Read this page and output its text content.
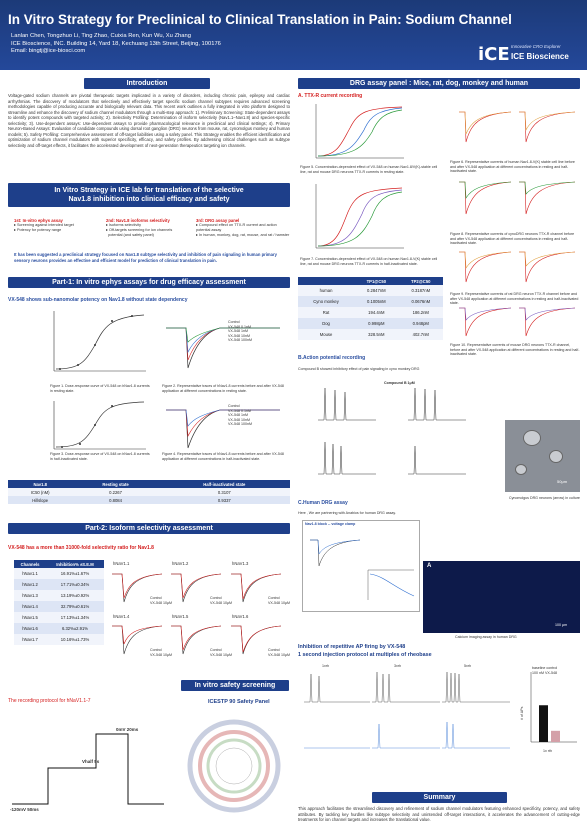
In Vitro Strategy for Preclinical to Clinical Translation in Pain: Sodium Channel
Lanlan Chen, Tongzhuo Li, Ting Zhao, Cuixia Ren, Kun Wu, Xu Zhang
ICE Bioscience, INC. Building 14, Yard 18, Kechuang 13th Street, Beijing, 100176
Email: bingtj@ice-biosci.com	iCE Innovative CRO Explorer
ICE Bioscience
Introduction
Voltage-gated sodium channels are pivotal therapeutic targets implicated in a variety of disorders, including chronic pain, epilepsy and cardiac arrhythmias. The discovery of modulators that selectively and effectively target specific sodium channel subtypes requires advanced screening methodologies capable of producing accurate and biologically relevant data. This recent work outlines a fully integrated in vitro platform designed to streamline and enhance the discovery of sodium channel modulators through a multi-step approach: 1). Preliminary Screening: State-dependent assays to identify potent compounds with targeted activity; 2). Selectivity Profiling: Determination of isoform selectivity (Nav1.1–Nav1.8) and species-specific selectivity; 3). Use-dependent assays: Use-dependent assays to provide pharmacological relevance in preclinical and clinical settings; 4). Primary Neuron-Based Assays: Evaluation of candidate compounds using dorsal root ganglion (DRG) neurons from mouse, rat, cynomolgus monkey and human models; 5). Safety Profiling: Comprehensive assessment of off-target liabilities using a safety panel. This Strategy enables the efficient identification and optimization of sodium channel modulators with superior specificity, efficacy, and safety profiles. By addressing critical challenges such as subtype selectivity and off-target effects, it facilitates the accelerated development of next-generation therapeutics targeting ion channels.
In Vitro Strategy in ICE lab for translation of the selective
Nav1.8 inhibition into clinical efficacy and safety
1st: In-vitro ephys assay
▸ Screening against intended target
▸ Potency for potency range
2nd: Nav1.8 isoforms selectivity
▸ Isoforms selectivity
▸ Off-targets screening for ion channels
potential (and safety panel)
3rd: DRG assay panel
▸ Compound effect on TTX-R current and action potential assay
▸ In human, monkey, dog, rat, mouse, and rat / hamster
It has been suggested a preclinical strategy focused on Nav1.8 subtype selectivity and inhibition of pain signaling in human primary sensory neurons provides an effective and efficient model for prediction of clinical translation in pain.
Part-1: In vitro ephys assays for drug efficacy assessment
VX-548 shows sub-nanomolar potency on Nav1.8 without state dependency
Figure 1. Dose-response curve of VX-548 on hNav1.8 currents in resting state.
Control
VX-548 0.1nM
VX-548 1nM
VX-548 10nM
VX-548 100nM
Figure 2. Representative traces of hNav1.8 currents before and after VX-548 application at different concentrations in resting state.
Figure 3. Dose-response curve of VX-548 on hNav1.8 currents in half-inactivated state.
Control
VX-548 0.1nM
VX-548 1nM
VX-548 10nM
VX-548 100nM
Figure 4. Representative traces of hNav1.8 currents before and after VX-548 application at different concentrations in half-inactivated state.
Nav1.8	Resting state	Half-inactivated state
IC50 (nM)	0.2267	0.3107
Hillslope	0.8084	0.9337
Part-2: Isoform selectivity assessment
VX-548 has a more than 31000-fold selectivity ratio for Nav1.8
Channels	Inhibition% ±S.E.M
hNav1.1	16.91%±1.67%
hNav1.2	17.71%±0.34%
hNav1.3	13.19%±0.92%
hNav1.4	32.79%±0.61%
hNav1.5	17.13%±1.34%
hNav1.6	6.32%±2.91%
hNav1.7	10.16%±1.73%
hNaV1.1	hNaV1.2	hNaV1.3
hNaV1.4	hNaV1.5	hNaV1.6
Control
VX-548 10μM
Control
VX-548 10μM
Control
VX-548 10μM
Control
VX-548 10μM
Control
VX-548 10μM
Control
VX-548 10μM
In vitro safety screening
The recording protocol for hNaV1.1-7
0mV 20ms
Vhalf 5s
-120mV 50ms
ICESTP 90 Safety Panel
DRG assay panel : Mice, rat, dog, monkey and human
A. TTX-R current recording
Figure 5. Concentration-dependent effect of VX-548 on human Nav1.8/V(K)-stable cell line, rat and mouse DRG neurons TTX-R currents in resting state.
Figure 6. Representative currents of human Nav1.8-V(K) stable cell line before and after VX-548 application at different concentrations in resting and half-inactivated state.
Figure 7. Concentration-dependent effect of VX-548 on human Nav1.8-V(K) stable cell line, rat and mouse DRG neurons TTX-R currents in half-inactivated state.
Figure 8. Representative currents of cynoDRG neurons TTX-R channel before and after VX-548 application at different concentrations in resting and half-inactivated state.
Figure 9. Representative currents of rat DRG neuron TTX-R channel before and after VX-548 application at different concentrations in resting and half-inactivated state.
Figure 10. Representative currents of mouse DRG neurons TTX-R channel, before and after VX-548 application at different concentrations in resting and half-inactivated state.
	TP1@C50	TP2@C50
human	0.2847nM	0.3187nM
Cyno monkey	0.1005nM	0.0676nM
Rat	194.4nM	186.2nM
Dog	0.998pM	0.948pM
Mouse	328.5nM	402.7nM
B.Action potential recording
Compound B showed inhibitory effect of pain signaling in cyno monkey DRG
Compound B 1μM
50μm
Cynomolgus DRG neurons (arrow) in culture
C.Human DRG assay
Here , We are partnering with Anabios for human DRG assay.
Nav1.8 block -- voltage clamp
A
100 μm
Calcium imaging assay in human DRG
Inhibition of repetitive AP firing by VX-548
1 second injection protocol at multiples of rheobase
1xrh	3xrh	5xrh
# of APs
1x rth
baseline control
100 nM VX-548
Summary
This approach facilitates the streamlined discovery and refinement of sodium channel modulators featuring enhanced specificity, potency, and safety attributes. By tackling key hurdles like subtype selectivity and unintended off-target interactions, it accelerates the advancement of cutting-edge treatments for ion channel targets and increases the translational value.
